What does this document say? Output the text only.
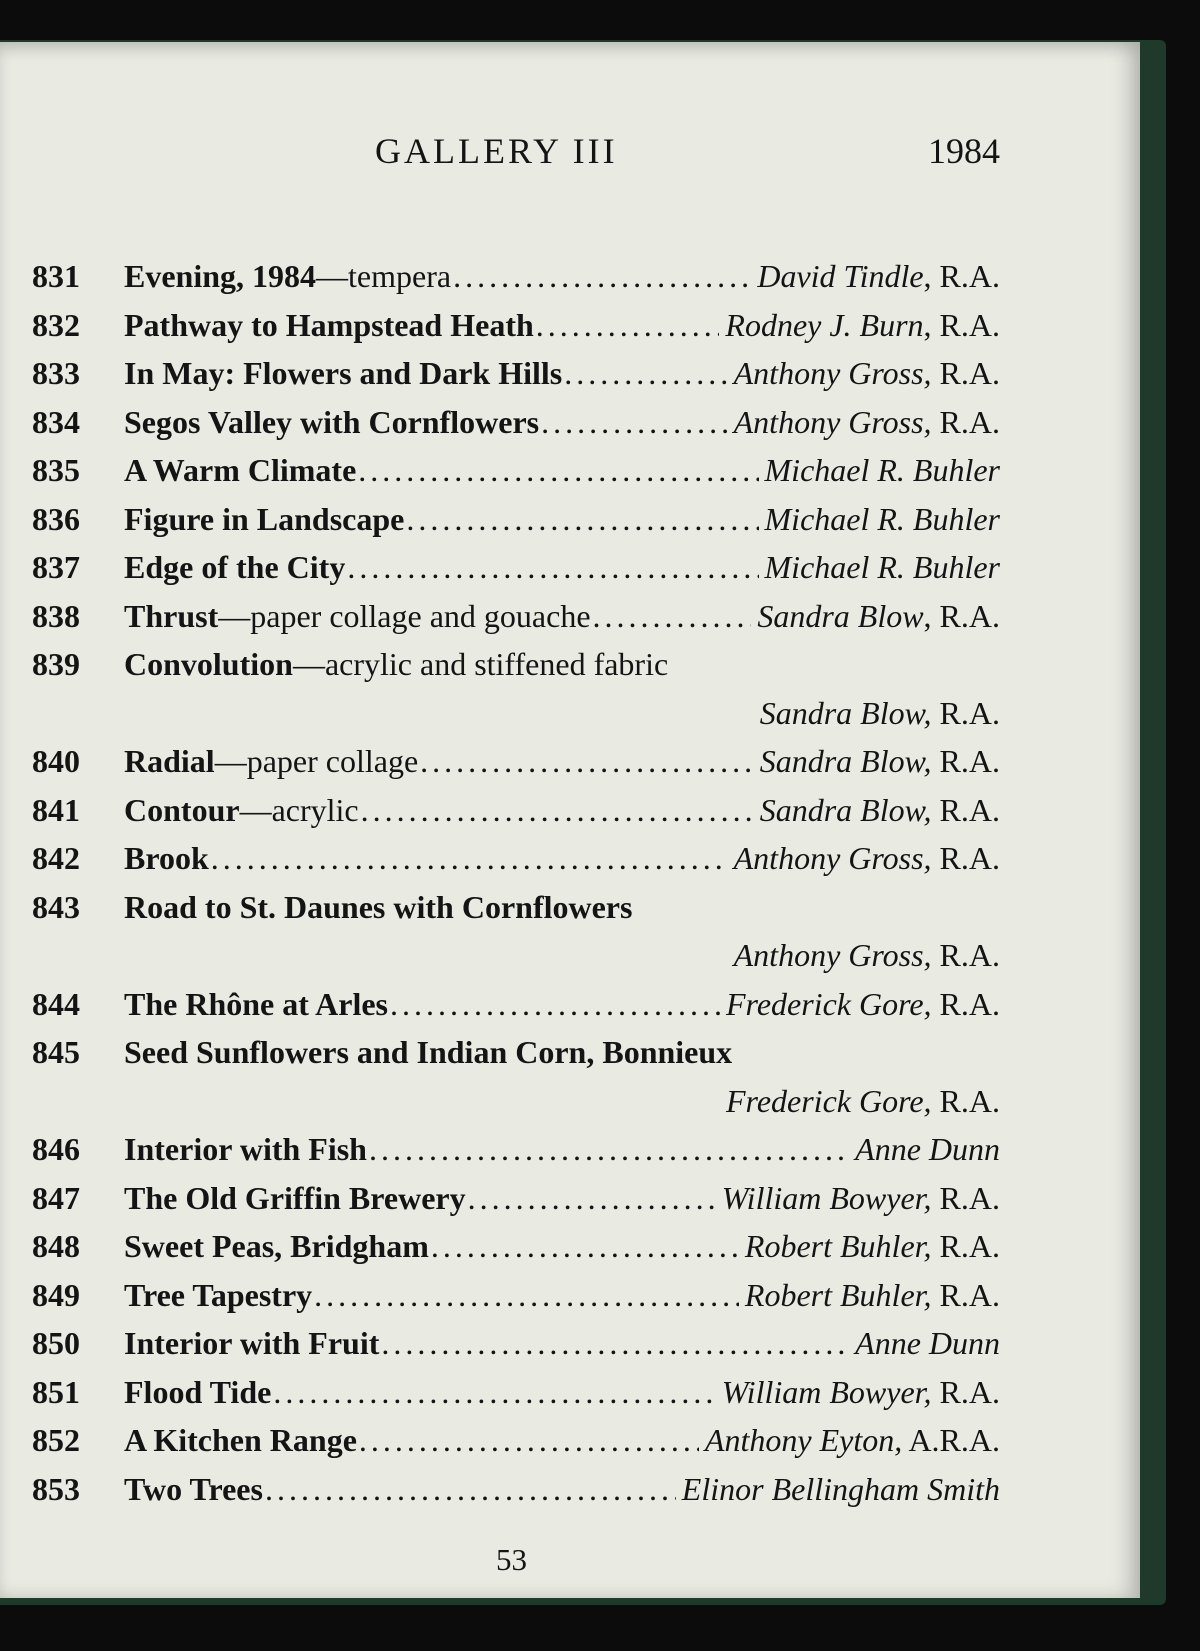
GALLERY III	1984
831	Evening, 1984 —tempera .....	David Tindle, R.A.
832	Pathway to Hampstead Heath .....	Rodney J. Burn, R.A.
833	In May: Flowers and Dark Hills .....	Anthony Gross, R.A.
834	Segos Valley with Cornflowers .....	Anthony Gross, R.A.
835	A Warm Climate .....	Michael R. Buhler
836	Figure in Landscape .....	Michael R. Buhler
837	Edge of the City .....	Michael R. Buhler
838	Thrust —paper collage and gouache .....	Sandra Blow, R.A.
839	Convolution —acrylic and stiffened fabric
Sandra Blow, R.A.
840	Radial —paper collage .....	Sandra Blow, R.A.
841	Contour —acrylic .....	Sandra Blow, R.A.
842	Brook .....	Anthony Gross, R.A.
843	Road to St. Daunes with Cornflowers
Anthony Gross, R.A.
844	The Rhône at Arles .....	Frederick Gore, R.A.
845	Seed Sunflowers and Indian Corn, Bonnieux
Frederick Gore, R.A.
846	Interior with Fish .....	Anne Dunn
847	The Old Griffin Brewery .....	William Bowyer, R.A.
848	Sweet Peas, Bridgham .....	Robert Buhler, R.A.
849	Tree Tapestry .....	Robert Buhler, R.A.
850	Interior with Fruit .....	Anne Dunn
851	Flood Tide .....	William Bowyer, R.A.
852	A Kitchen Range .....	Anthony Eyton, A.R.A.
853	Two Trees .....	Elinor Bellingham Smith
53
